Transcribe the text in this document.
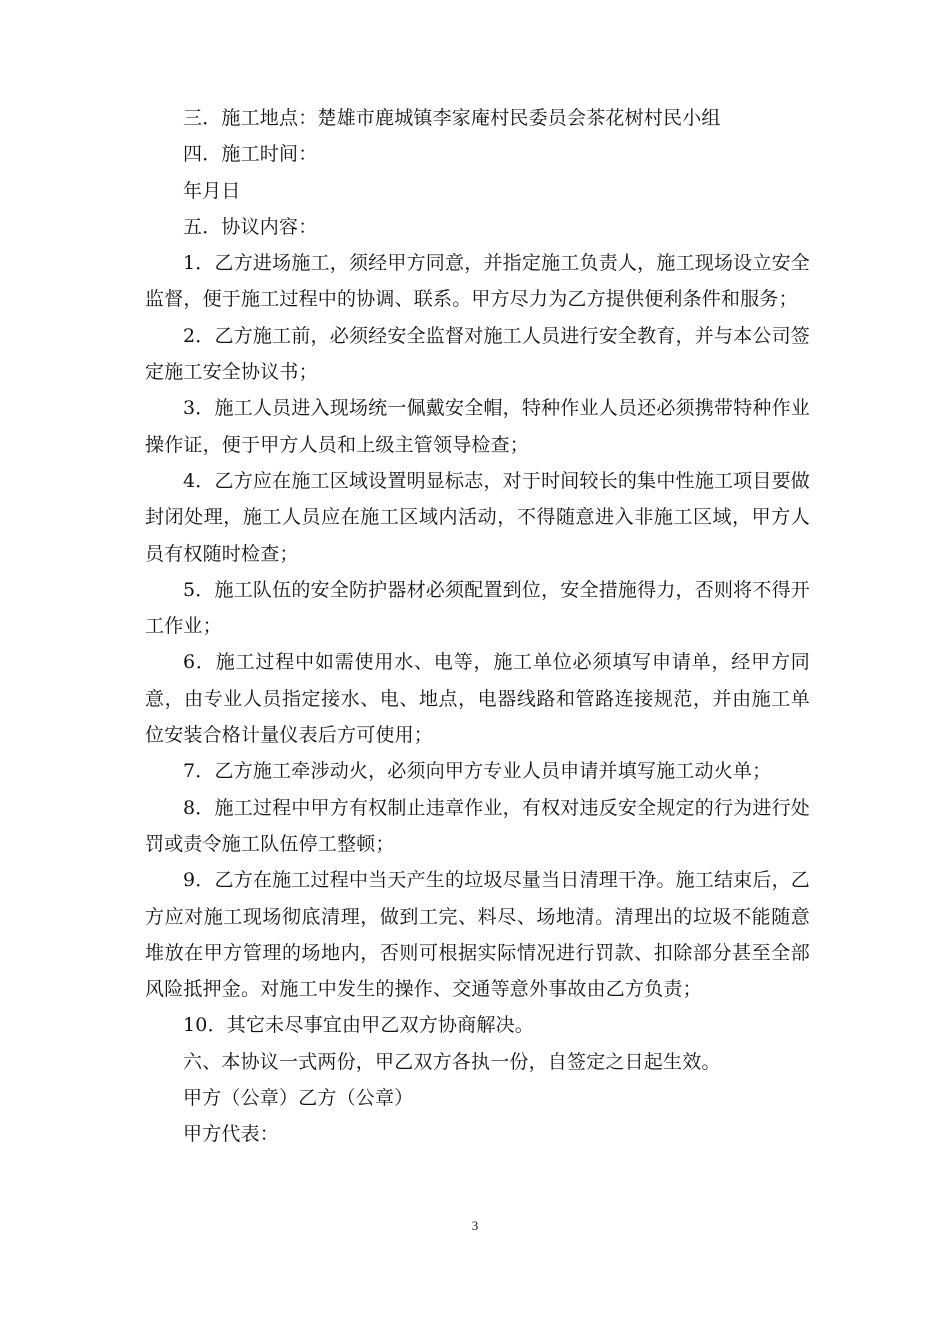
三．施工地点：楚雄市鹿城镇李家庵村民委员会茶花树村民小组

四．施工时间：

年月日

五．协议内容：

1．乙方进场施工，须经甲方同意，并指定施工负责人，施工现场设立安全监督，便于施工过程中的协调、联系。甲方尽力为乙方提供便利条件和服务；

2．乙方施工前，必须经安全监督对施工人员进行安全教育，并与本公司签定施工安全协议书；

3．施工人员进入现场统一佩戴安全帽，特种作业人员还必须携带特种作业操作证，便于甲方人员和上级主管领导检查；

4．乙方应在施工区域设置明显标志，对于时间较长的集中性施工项目要做封闭处理，施工人员应在施工区域内活动，不得随意进入非施工区域，甲方人员有权随时检查；

5．施工队伍的安全防护器材必须配置到位，安全措施得力，否则将不得开工作业；

6．施工过程中如需使用水、电等，施工单位必须填写申请单，经甲方同意，由专业人员指定接水、电、地点，电器线路和管路连接规范，并由施工单位安装合格计量仪表后方可使用；

7．乙方施工牵涉动火，必须向甲方专业人员申请并填写施工动火单；

8．施工过程中甲方有权制止违章作业，有权对违反安全规定的行为进行处罚或责令施工队伍停工整顿；

9．乙方在施工过程中当天产生的垃圾尽量当日清理干净。施工结束后，乙方应对施工现场彻底清理，做到工完、料尽、场地清。清理出的垃圾不能随意堆放在甲方管理的场地内，否则可根据实际情况进行罚款、扣除部分甚至全部风险抵押金。对施工中发生的操作、交通等意外事故由乙方负责；

10．其它未尽事宜由甲乙双方协商解决。

六、本协议一式两份，甲乙双方各执一份，自签定之日起生效。

甲方（公章）乙方（公章）

甲方代表：

3
